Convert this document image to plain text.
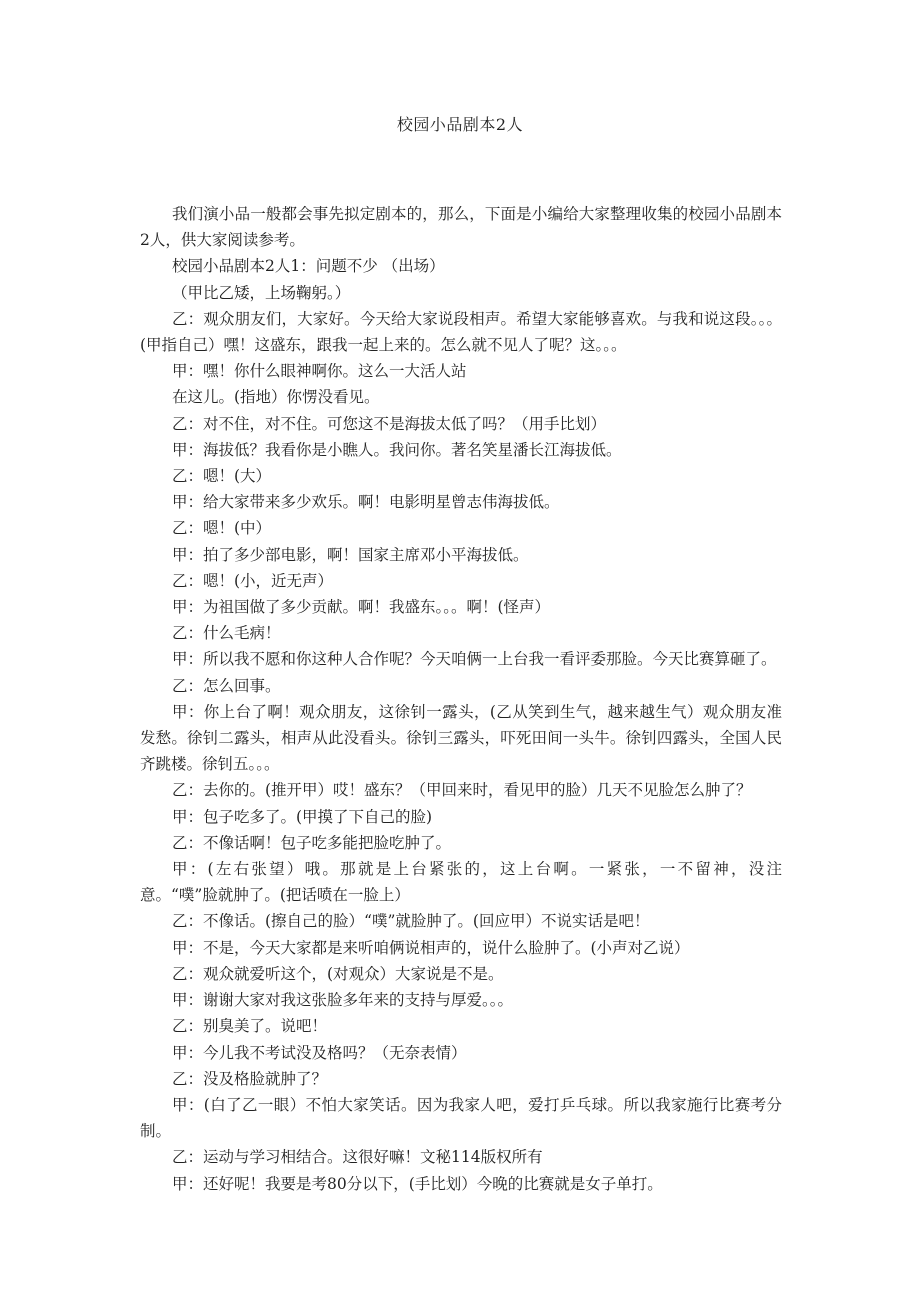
校园小品剧本2人

我们演小品一般都会事先拟定剧本的，那么，下面是小编给大家整理收集的校园小品剧本2人，供大家阅读参考。

校园小品剧本2人1：问题不少 （出场）

（甲比乙矮，上场鞠躬。）

乙：观众朋友们，大家好。今天给大家说段相声。希望大家能够喜欢。与我和说这段。。。(甲指自己）嘿！这盛东，跟我一起上来的。怎么就不见人了呢？这。。。

甲：嘿！你什么眼神啊你。这么一大活人站

在这儿。(指地）你愣没看见。

乙：对不住，对不住。可您这不是海拔太低了吗？（用手比划）

甲：海拔低？我看你是小瞧人。我问你。著名笑星潘长江海拔低。

乙：嗯！(大）

甲：给大家带来多少欢乐。啊！电影明星曾志伟海拔低。

乙：嗯！(中）

甲：拍了多少部电影，啊！国家主席邓小平海拔低。

乙：嗯！(小，近无声）

甲：为祖国做了多少贡献。啊！我盛东。。。啊！(怪声）

乙：什么毛病！

甲：所以我不愿和你这种人合作呢？今天咱俩一上台我一看评委那脸。今天比赛算砸了。

乙：怎么回事。

甲：你上台了啊！观众朋友，这徐钊一露头，(乙从笑到生气，越来越生气）观众朋友准发愁。徐钊二露头，相声从此没看头。徐钊三露头，吓死田间一头牛。徐钊四露头，全国人民齐跳楼。徐钊五。。。

乙：去你的。(推开甲）哎！盛东？（甲回来时，看见甲的脸）几天不见脸怎么肿了？

甲：包子吃多了。(甲摸了下自己的脸)

乙：不像话啊！包子吃多能把脸吃肿了。

甲：(左右张望）哦。那就是上台紧张的，这上台啊。一紧张，一不留神，没注意。“噗”脸就肿了。(把话喷在一脸上）

乙：不像话。(擦自己的脸）“噗”就脸肿了。(回应甲）不说实话是吧！

甲：不是，今天大家都是来听咱俩说相声的，说什么脸肿了。(小声对乙说）

乙：观众就爱听这个，(对观众）大家说是不是。

甲：谢谢大家对我这张脸多年来的支持与厚爱。。。

乙：别臭美了。说吧！

甲：今儿我不考试没及格吗？（无奈表情）

乙：没及格脸就肿了？

甲：(白了乙一眼）不怕大家笑话。因为我家人吧，爱打乒乓球。所以我家施行比赛考分制。

乙：运动与学习相结合。这很好嘛！文秘114版权所有

甲：还好呢！我要是考80分以下，(手比划）今晚的比赛就是女子单打。
